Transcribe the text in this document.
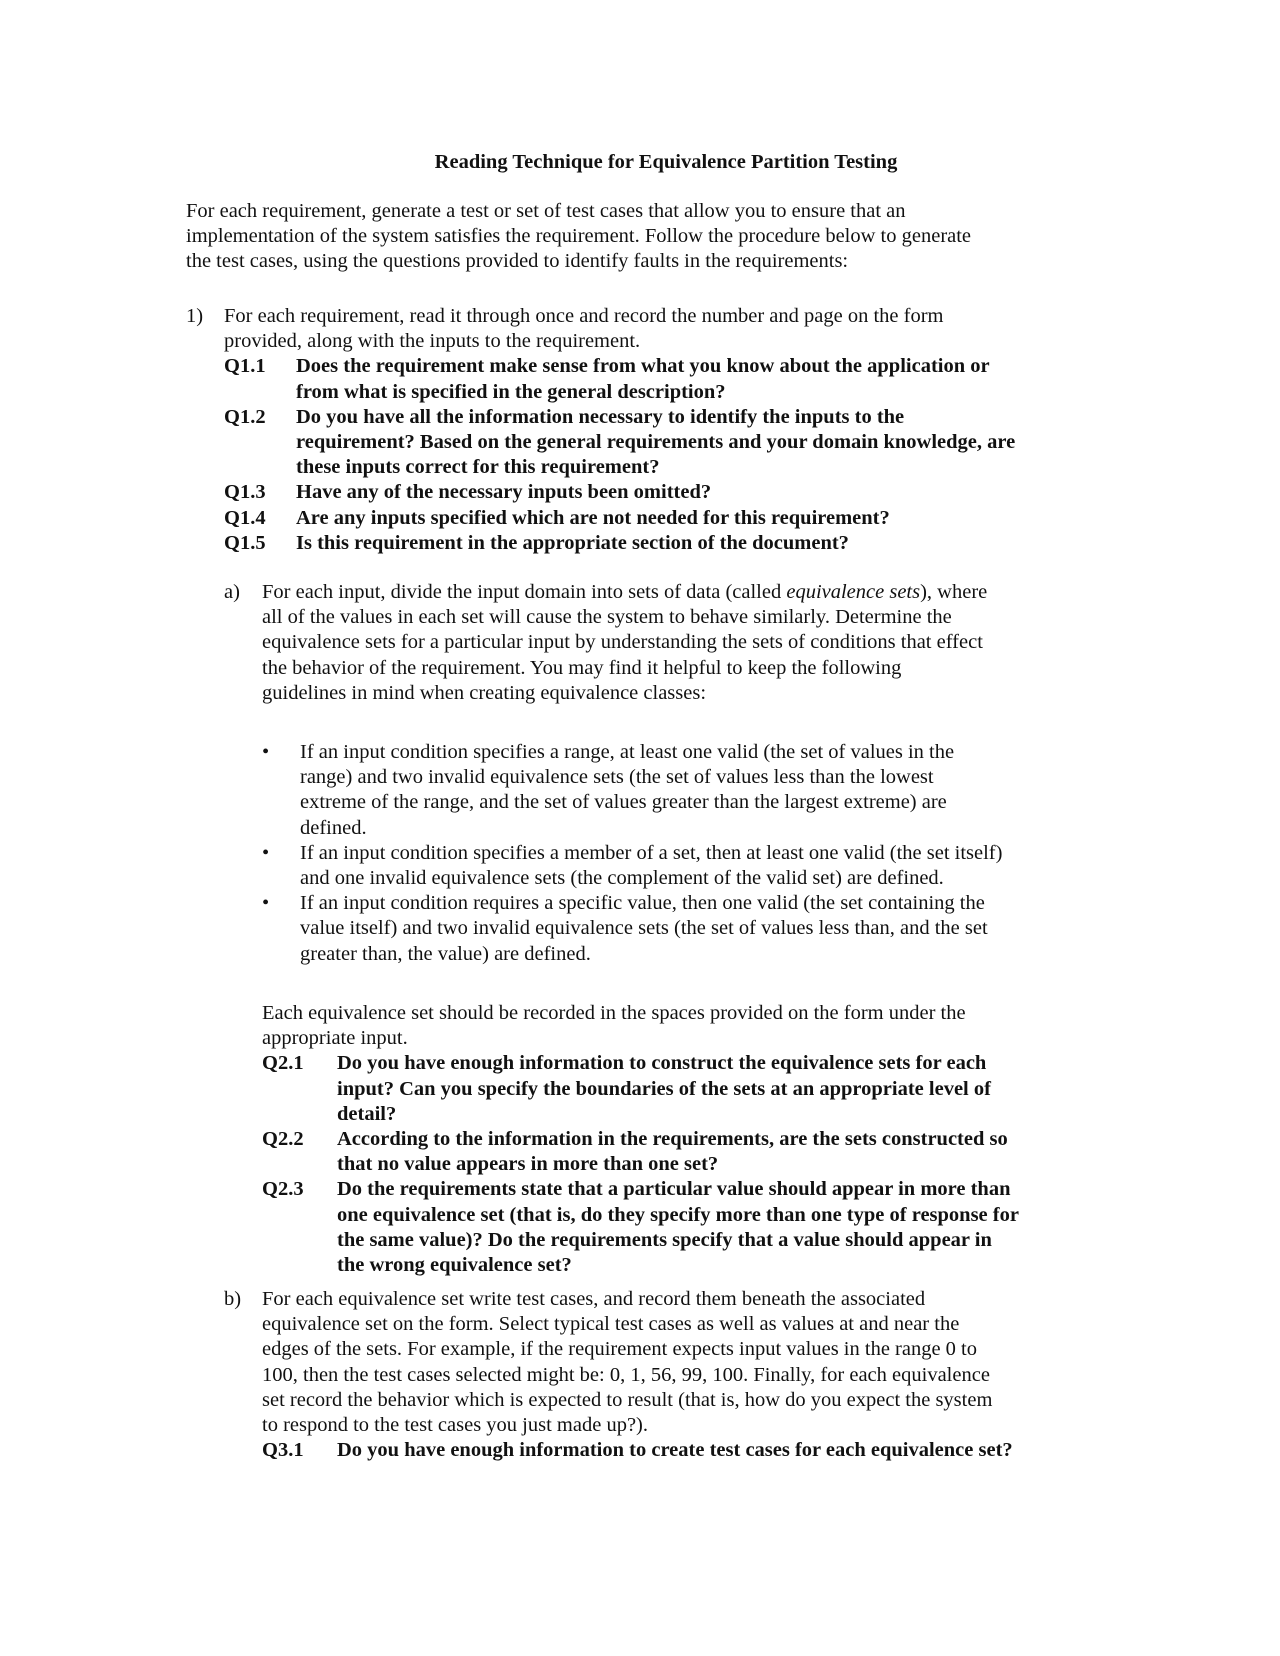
Reading Technique for Equivalence Partition Testing
For each requirement, generate a test or set of test cases that allow you to ensure that an
implementation of the system satisfies the requirement. Follow the procedure below to generate
the test cases, using the questions provided to identify faults in the requirements:
1) For each requirement, read it through once and record the number and page on the form
provided, along with the inputs to the requirement.
Q1.1 Does the requirement make sense from what you know about the application or
from what is specified in the general description?
Q1.2 Do you have all the information necessary to identify the inputs to the
requirement? Based on the general requirements and your domain knowledge, are
these inputs correct for this requirement?
Q1.3 Have any of the necessary inputs been omitted?
Q1.4 Are any inputs specified which are not needed for this requirement?
Q1.5 Is this requirement in the appropriate section of the document?
a) For each input, divide the input domain into sets of data (called equivalence sets), where
all of the values in each set will cause the system to behave similarly. Determine the
equivalence sets for a particular input by understanding the sets of conditions that effect
the behavior of the requirement. You may find it helpful to keep the following
guidelines in mind when creating equivalence classes:
• If an input condition specifies a range, at least one valid (the set of values in the
range) and two invalid equivalence sets (the set of values less than the lowest
extreme of the range, and the set of values greater than the largest extreme) are
defined.
• If an input condition specifies a member of a set, then at least one valid (the set itself)
and one invalid equivalence sets (the complement of the valid set) are defined.
• If an input condition requires a specific value, then one valid (the set containing the
value itself) and two invalid equivalence sets (the set of values less than, and the set
greater than, the value) are defined.
Each equivalence set should be recorded in the spaces provided on the form under the
appropriate input.
Q2.1 Do you have enough information to construct the equivalence sets for each
input? Can you specify the boundaries of the sets at an appropriate level of
detail?
Q2.2 According to the information in the requirements, are the sets constructed so
that no value appears in more than one set?
Q2.3 Do the requirements state that a particular value should appear in more than
one equivalence set (that is, do they specify more than one type of response for
the same value)? Do the requirements specify that a value should appear in
the wrong equivalence set?
b) For each equivalence set write test cases, and record them beneath the associated
equivalence set on the form. Select typical test cases as well as values at and near the
edges of the sets. For example, if the requirement expects input values in the range 0 to
100, then the test cases selected might be: 0, 1, 56, 99, 100. Finally, for each equivalence
set record the behavior which is expected to result (that is, how do you expect the system
to respond to the test cases you just made up?).
Q3.1 Do you have enough information to create test cases for each equivalence set?
